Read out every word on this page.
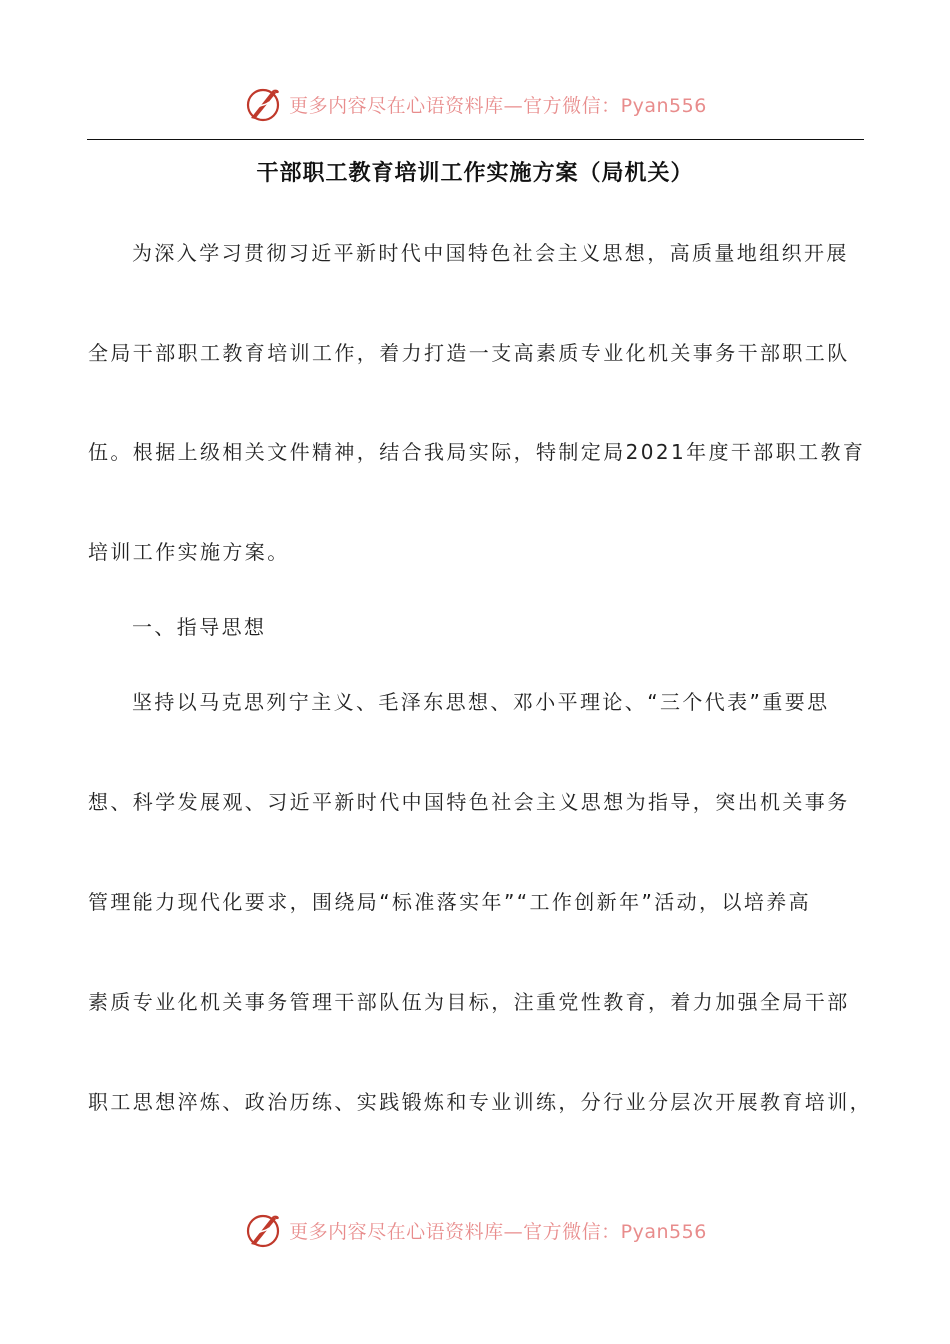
更多内容尽在心语资料库—官方微信：Pyan556
干部职工教育培训工作实施方案（局机关）
为深入学习贯彻习近平新时代中国特色社会主义思想，高质量地组织开展
全局干部职工教育培训工作，着力打造一支高素质专业化机关事务干部职工队
伍。根据上级相关文件精神，结合我局实际，特制定局2021年度干部职工教育
培训工作实施方案。
一、指导思想
坚持以马克思列宁主义、毛泽东思想、邓小平理论、“三个代表”重要思
想、科学发展观、习近平新时代中国特色社会主义思想为指导，突出机关事务
管理能力现代化要求，围绕局“标准落实年”“工作创新年”活动，以培养高
素质专业化机关事务管理干部队伍为目标，注重党性教育，着力加强全局干部
职工思想淬炼、政治历练、实践锻炼和专业训练，分行业分层次开展教育培训，
更多内容尽在心语资料库—官方微信：Pyan556
